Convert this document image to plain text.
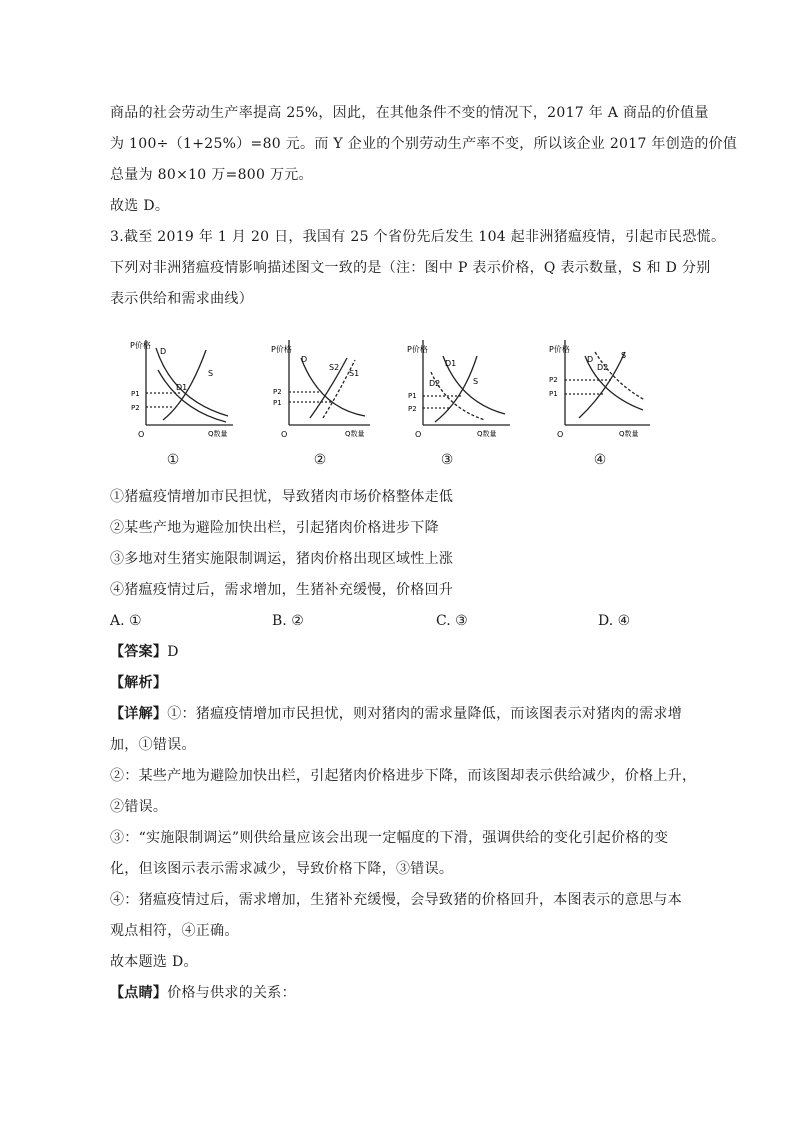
商品的社会劳动生产率提高 25%，因此，在其他条件不变的情况下，2017 年 A 商品的价值量
为 100÷（1+25%）=80 元。而 Y 企业的个别劳动生产率不变，所以该企业 2017 年创造的价值
总量为 80×10 万=800 万元。
故选 D。
3.截至 2019 年 1 月 20 日，我国有 25 个省份先后发生 104 起非洲猪瘟疫情，引起市民恐慌。
下列对非洲猪瘟疫情影响描述图文一致的是（注：图中 P 表示价格，Q 表示数量，S 和 D 分别
表示供给和需求曲线）
P价格
Q数量
D
S
D1
P1
P2
O
P价格
Q数量
D
S2
S1
P2
P1
O
P价格
Q数量
D2
D1
S
P1
P2
O
P价格
Q数量
D
D2
S
P2
P1
O
①	②	③	④
①猪瘟疫情增加市民担忧，导致猪肉市场价格整体走低
②某些产地为避险加快出栏，引起猪肉价格进步下降
③多地对生猪实施限制调运，猪肉价格出现区域性上涨
④猪瘟疫情过后，需求增加，生猪补充缓慢，价格回升
A. ①	B. ②	C. ③	D. ④
【答案】D
【解析】
【详解】①：猪瘟疫情增加市民担忧，则对猪肉的需求量降低，而该图表示对猪肉的需求增
加，①错误。
②：某些产地为避险加快出栏，引起猪肉价格进步下降，而该图却表示供给减少，价格上升，
②错误。
③：“实施限制调运”则供给量应该会出现一定幅度的下滑，强调供给的变化引起价格的变
化，但该图示表示需求减少，导致价格下降，③错误。
④：猪瘟疫情过后，需求增加，生猪补充缓慢，会导致猪的价格回升，本图表示的意思与本
观点相符，④正确。
故本题选 D。
【点睛】价格与供求的关系：
